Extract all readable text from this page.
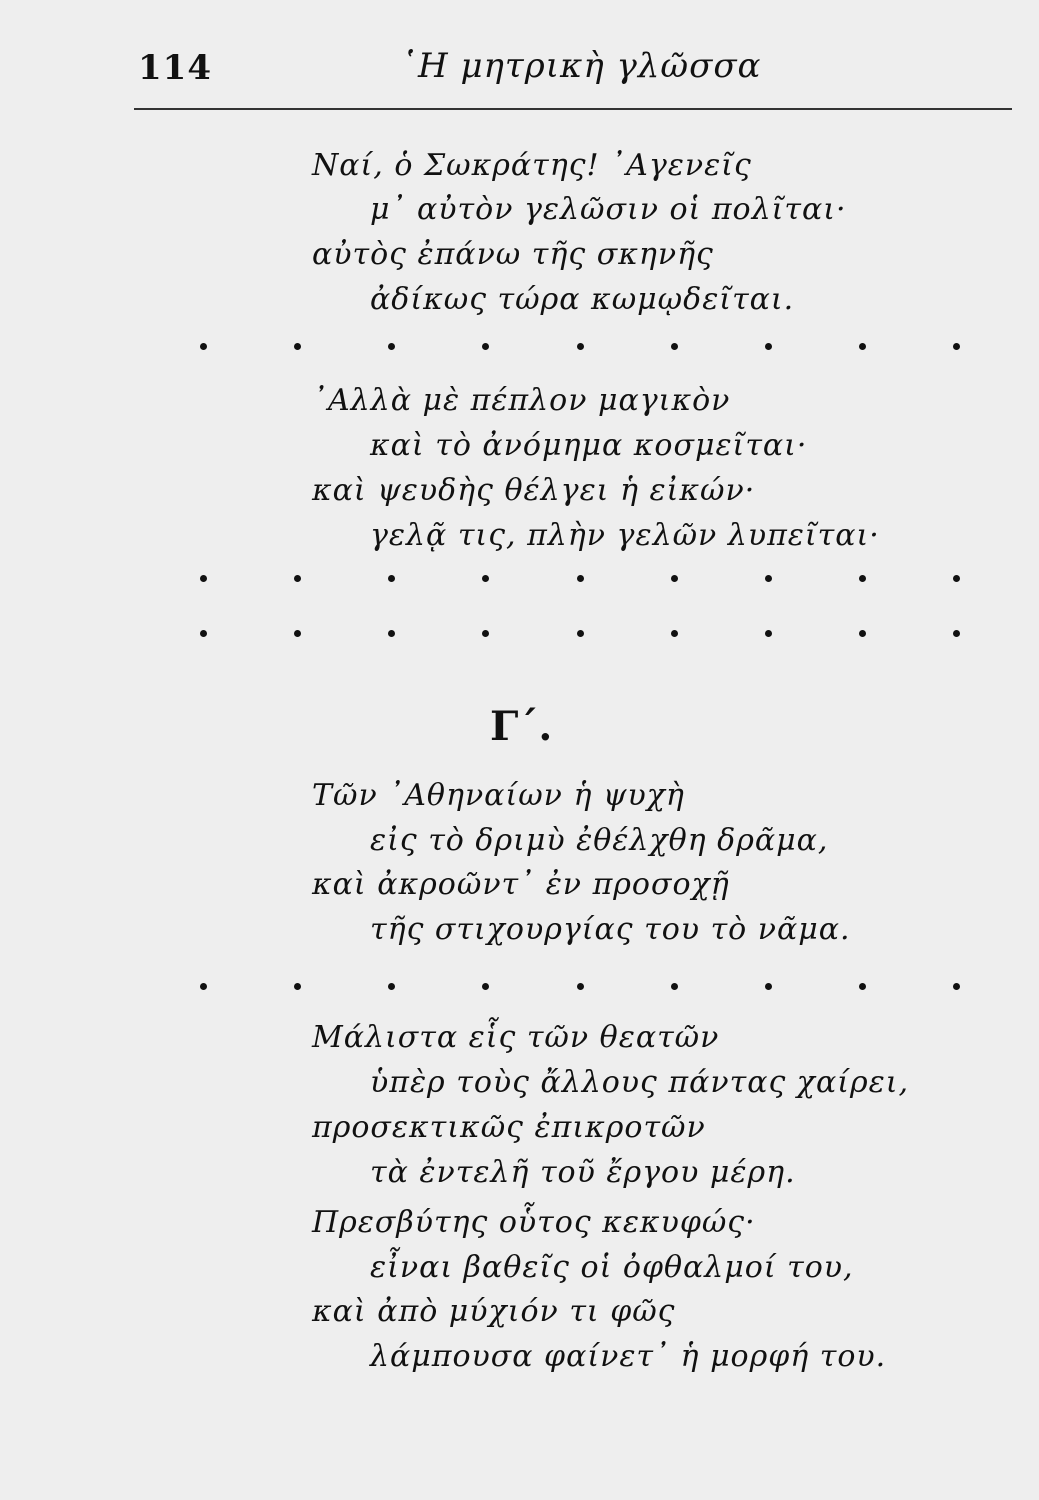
114	῾Η μητρικὴ γλῶσσα
Ναί, ὁ Σωκράτης! ᾿Αγενεῖς
μ᾿ αὐτὸν γελῶσιν οἱ πολῖται·
αὐτὸς ἐπάνω τῆς σκηνῆς
ἀδίκως τώρα κωμῳδεῖται.
᾿Αλλὰ μὲ πέπλον μαγικὸν
καὶ τὸ ἀνόμημα κοσμεῖται·
καὶ ψευδὴς θέλγει ἡ εἰκών·
γελᾷ τις, πλὴν γελῶν λυπεῖται·
Γ΄.
Τῶν ᾿Αθηναίων ἡ ψυχὴ
εἰς τὸ δριμὺ ἐθέλχθη δρᾶμα,
καὶ ἀκροῶντ᾿ ἐν προσοχῇ
τῆς στιχουργίας του τὸ νᾶμα.
Μάλιστα εἷς τῶν θεατῶν
ὑπὲρ τοὺς ἄλλους πάντας χαίρει,
προσεκτικῶς ἐπικροτῶν
τὰ ἐντελῆ τοῦ ἔργου μέρη.
Πρεσβύτης οὗτος κεκυφώς·
εἶναι βαθεῖς οἱ ὀφθαλμοί του,
καὶ ἀπὸ μύχιόν τι φῶς
λάμπουσα φαίνετ᾿ ἡ μορφή του.
